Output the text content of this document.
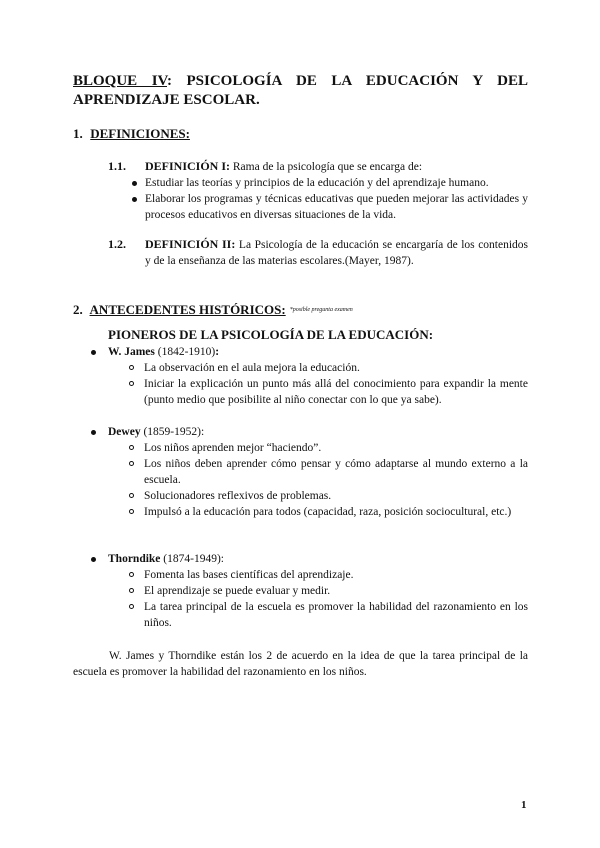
BLOQUE IV: PSICOLOGÍA DE LA EDUCACIÓN Y DEL APRENDIZAJE ESCOLAR.
1. DEFINICIONES:
1.1. DEFINICIÓN I: Rama de la psicología que se encarga de:
Estudiar las teorías y principios de la educación y del aprendizaje humano.
Elaborar los programas y técnicas educativas que pueden mejorar las actividades y procesos educativos en diversas situaciones de la vida.
1.2. DEFINICIÓN II: La Psicología de la educación se encargaría de los contenidos y de la enseñanza de las materias escolares.(Mayer, 1987).
2. ANTECEDENTES HISTÓRICOS: $^{*posible pregunta examen}$
PIONEROS DE LA PSICOLOGÍA DE LA EDUCACIÓN:
W. James (1842-1910):
La observación en el aula mejora la educación.
Iniciar la explicación un punto más allá del conocimiento para expandir la mente (punto medio que posibilite al niño conectar con lo que ya sabe).
Dewey (1859-1952):
Los niños aprenden mejor “haciendo”.
Los niños deben aprender cómo pensar y cómo adaptarse al mundo externo a la escuela.
Solucionadores reflexivos de problemas.
Impulsó a la educación para todos (capacidad, raza, posición sociocultural, etc.)
Thorndike (1874-1949):
Fomenta las bases científicas del aprendizaje.
El aprendizaje se puede evaluar y medir.
La tarea principal de la escuela es promover la habilidad del razonamiento en los niños.
W. James y Thorndike están los 2 de acuerdo en la idea de que la tarea principal de la escuela es promover la habilidad del razonamiento en los niños.
1
